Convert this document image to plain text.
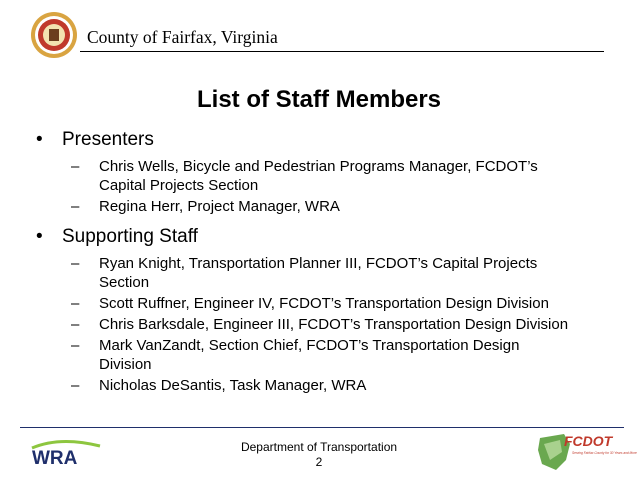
County of Fairfax, Virginia
List of Staff Members
• Presenters
– Chris Wells, Bicycle and Pedestrian Programs Manager, FCDOT’s
Capital Projects Section
– Regina Herr, Project Manager, WRA
• Supporting Staff
– Ryan Knight, Transportation Planner III, FCDOT’s Capital Projects
Section
– Scott Ruffner, Engineer IV, FCDOT’s Transportation Design Division
– Chris Barksdale, Engineer III, FCDOT’s Transportation Design Division
– Mark VanZandt, Section Chief, FCDOT’s Transportation Design
Division
– Nicholas DeSantis, Task Manager, WRA
WRA
Department of Transportation
2
FCDOT
Serving Fairfax County for 30 Years and More
